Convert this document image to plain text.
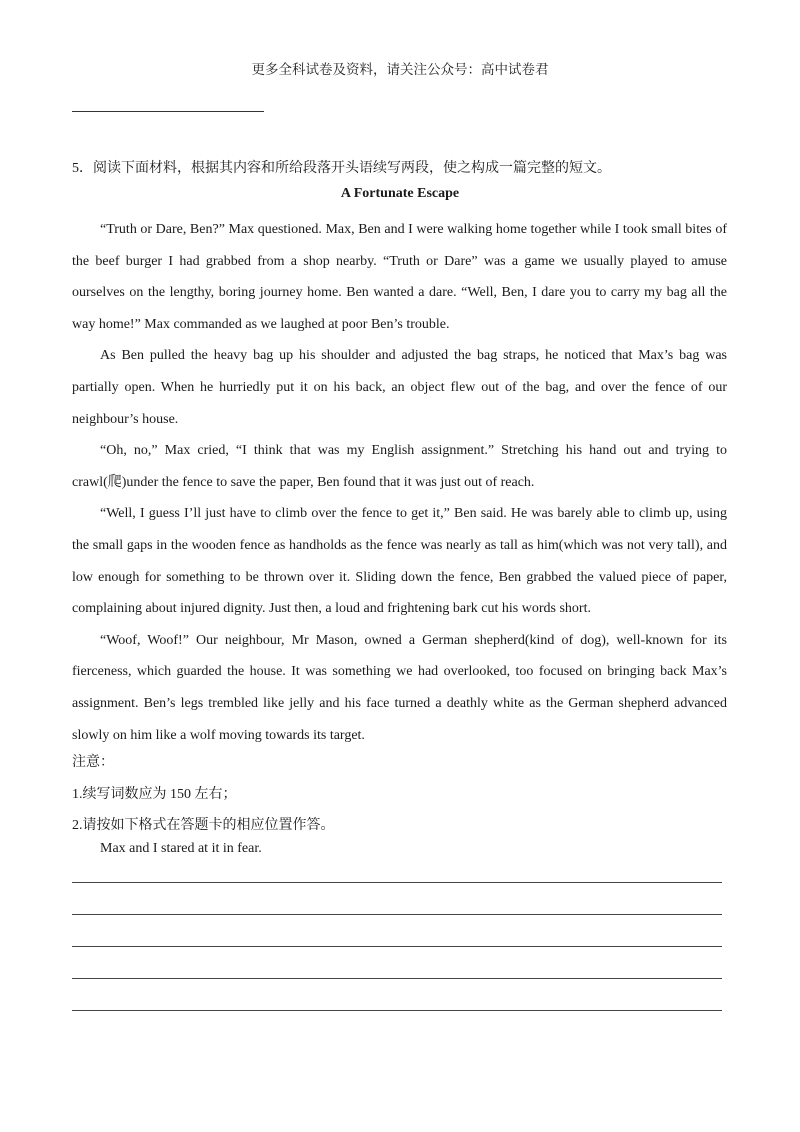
更多全科试卷及资料，请关注公众号：高中试卷君
5．阅读下面材料，根据其内容和所给段落开头语续写两段，使之构成一篇完整的短文。
A Fortunate Escape

“Truth or Dare, Ben?” Max questioned. Max, Ben and I were walking home together while I took small bites of the beef burger I had grabbed from a shop nearby. “Truth or Dare” was a game we usually played to amuse ourselves on the lengthy, boring journey home. Ben wanted a dare. “Well, Ben, I dare you to carry my bag all the way home!” Max commanded as we laughed at poor Ben’s trouble.

As Ben pulled the heavy bag up his shoulder and adjusted the bag straps, he noticed that Max’s bag was partially open. When he hurriedly put it on his back, an object flew out of the bag, and over the fence of our neighbour’s house.

“Oh, no,” Max cried, “I think that was my English assignment.” Stretching his hand out and trying to crawl(爬)under the fence to save the paper, Ben found that it was just out of reach.

“Well, I guess I’ll just have to climb over the fence to get it,” Ben said. He was barely able to climb up, using the small gaps in the wooden fence as handholds as the fence was nearly as tall as him(which was not very tall), and low enough for something to be thrown over it. Sliding down the fence, Ben grabbed the valued piece of paper, complaining about injured dignity. Just then, a loud and frightening bark cut his words short.

“Woof, Woof!” Our neighbour, Mr Mason, owned a German shepherd(kind of dog), well-known for its fierceness, which guarded the house. It was something we had overlooked, too focused on bringing back Max’s assignment. Ben’s legs trembled like jelly and his face turned a deathly white as the German shepherd advanced slowly on him like a wolf moving towards its target.

注意：
1.续写词数应为 150 左右；
2.请按如下格式在答题卡的相应位置作答。
Max and I stared at it in fear.
